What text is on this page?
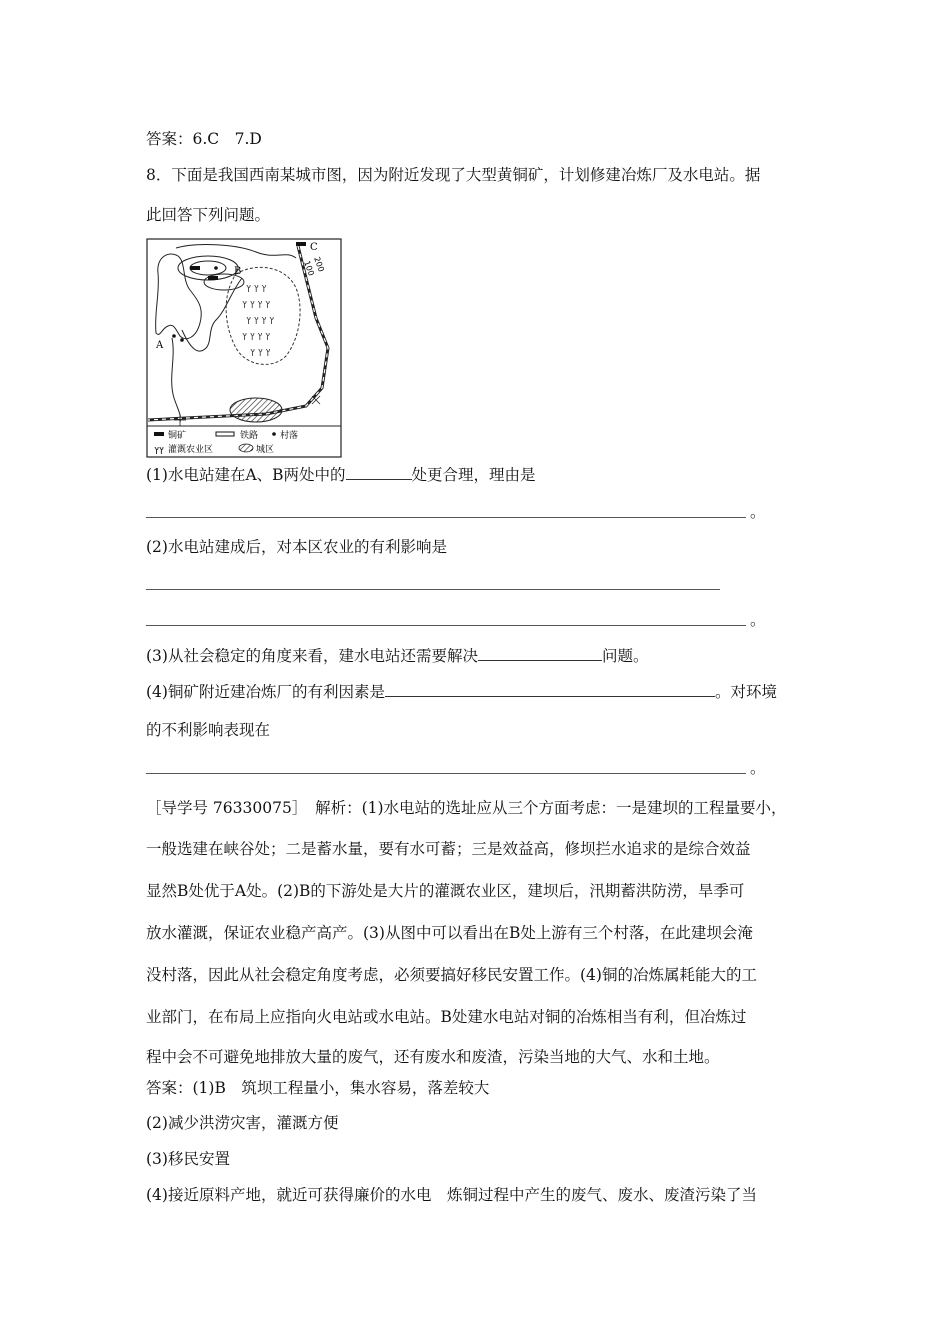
答案：6.C　7.D
8．下面是我国西南某城市图，因为附近发现了大型黄铜矿，计划修建冶炼厂及水电站。据
此回答下列问题。
ץ ץ ץ
ץ ץ ץ ץ
ץ ץ ץ ץ
ץ ץ ץ ץ
ץ ץ ץ
A
B
C
200
100
铜矿	铁路 村落
ץץ 灌溉农业区	城区
(1)水电站建在A、B两处中的	处更合理，理由是
。
(2)水电站建成后，对本区农业的有利影响是
。
(3)从社会稳定的角度来看，建水电站还需要解决	问题。
(4)铜矿附近建冶炼厂的有利因素是	。对环境
的不利影响表现在
。
［导学号 76330075］　解析：(1)水电站的选址应从三个方面考虑：一是建坝的工程量要小，
一般选建在峡谷处；二是蓄水量，要有水可蓄；三是效益高，修坝拦水追求的是综合效益
显然B处优于A处。(2)B的下游处是大片的灌溉农业区，建坝后，汛期蓄洪防涝，旱季可
放水灌溉，保证农业稳产高产。(3)从图中可以看出在B处上游有三个村落，在此建坝会淹
没村落，因此从社会稳定角度考虑，必须要搞好移民安置工作。(4)铜的冶炼属耗能大的工
业部门，在布局上应指向火电站或水电站。B处建水电站对铜的冶炼相当有利，但冶炼过
程中会不可避免地排放大量的废气，还有废水和废渣，污染当地的大气、水和土地。
答案：(1)B　筑坝工程量小，集水容易，落差较大
(2)减少洪涝灾害，灌溉方便
(3)移民安置
(4)接近原料产地，就近可获得廉价的水电　炼铜过程中产生的废气、废水、废渣污染了当
